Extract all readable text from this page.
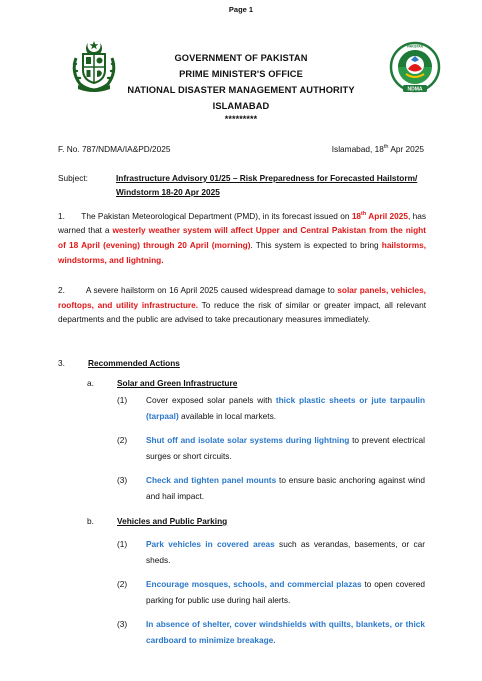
Page 1
NDMA
PAKISTAN
GOVERNMENT OF PAKISTAN
PRIME MINISTER'S OFFICE
NATIONAL DISASTER MANAGEMENT AUTHORITY
ISLAMABAD
*********
F. No. 787/NDMA/IA&PD/2025	Islamabad, 18th Apr 2025
Subject:	Infrastructure Advisory 01/25 – Risk Preparedness for Forecasted Hailstorm/ Windstorm 18-20 Apr 2025
1. The Pakistan Meteorological Department (PMD), in its forecast issued on 18th April 2025, has warned that a westerly weather system will affect Upper and Central Pakistan from the night of 18 April (evening) through 20 April (morning). This system is expected to bring hailstorms, windstorms, and lightning.
2.	A severe hailstorm on 16 April 2025 caused widespread damage to solar panels, vehicles, rooftops, and utility infrastructure. To reduce the risk of similar or greater impact, all relevant departments and the public are advised to take precautionary measures immediately.
3.	Recommended Actions
a.	Solar and Green Infrastructure
(1) Cover exposed solar panels with thick plastic sheets or jute tarpaulin (tarpaal) available in local markets.
(2) Shut off and isolate solar systems during lightning to prevent electrical surges or short circuits.
(3) Check and tighten panel mounts to ensure basic anchoring against wind and hail impact.
b.	Vehicles and Public Parking
(1) Park vehicles in covered areas such as verandas, basements, or car sheds.
(2) Encourage mosques, schools, and commercial plazas to open covered parking for public use during hail alerts.
(3) In absence of shelter, cover windshields with quilts, blankets, or thick cardboard to minimize breakage.
